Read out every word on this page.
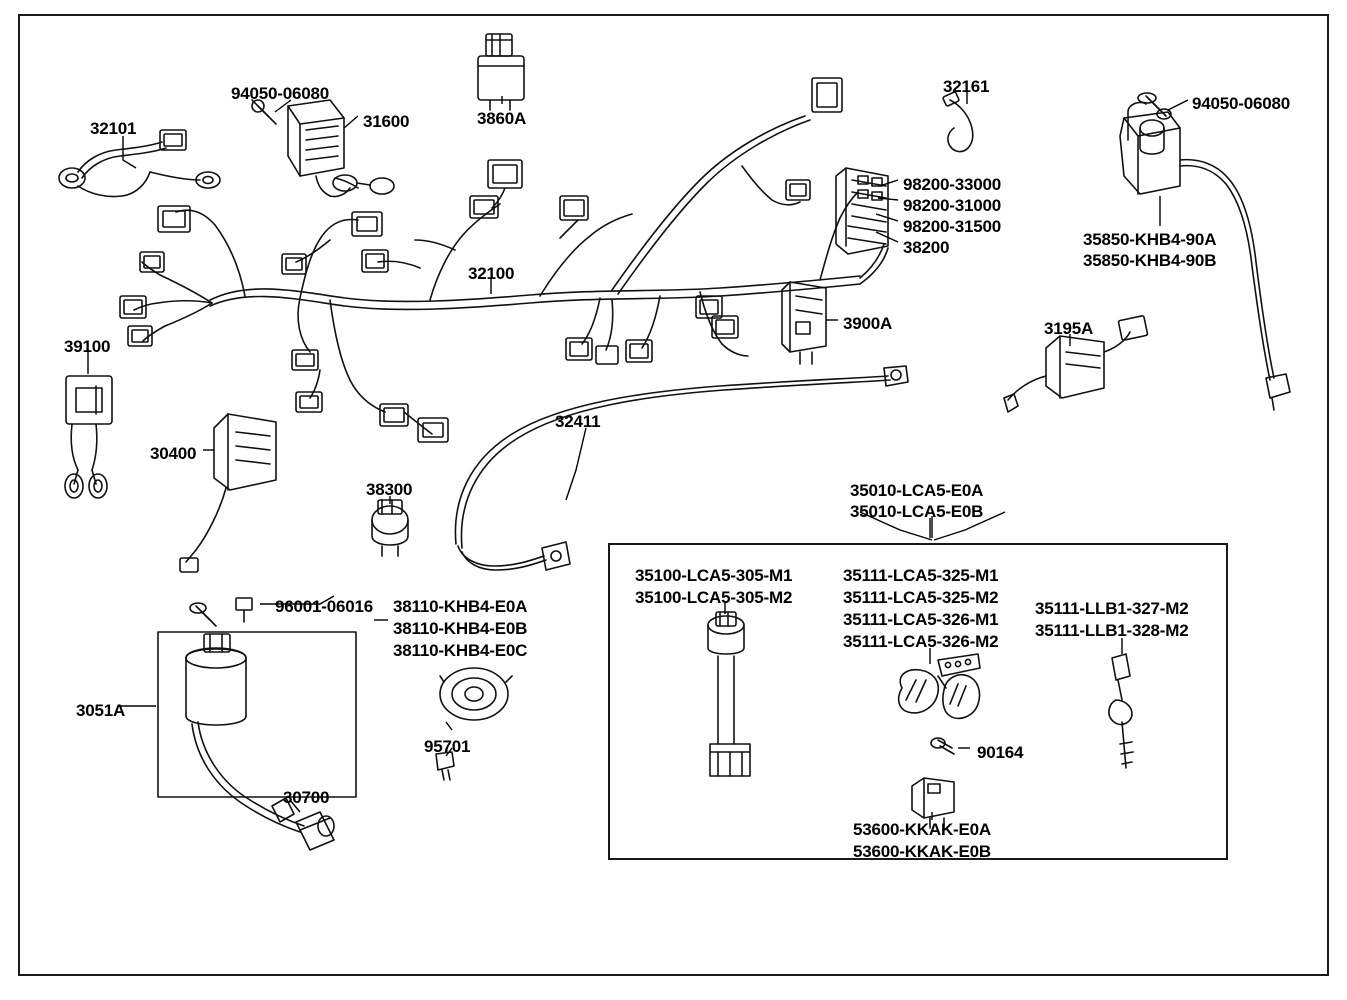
94050-06080
32101	31600	3860A
32161
94050-06080
98200-33000
98200-31000
98200-31500
38200	35850-KHB4-90A
35850-KHB4-90B
32100
3900A	3195A
39100
30400
32411
38300	35010-LCA5-E0A
35010-LCA5-E0B
96001-06016 38110-KHB4-E0A
38110-KHB4-E0B
38110-KHB4-E0C
35100-LCA5-305-M1
35100-LCA5-305-M2
35111-LCA5-325-M1
35111-LCA5-325-M2
35111-LCA5-326-M1
35111-LCA5-326-M2
35111-LLB1-327-M2
35111-LLB1-328-M2
3051A
95701	90164
30700
53600-KKAK-E0A
53600-KKAK-E0B
